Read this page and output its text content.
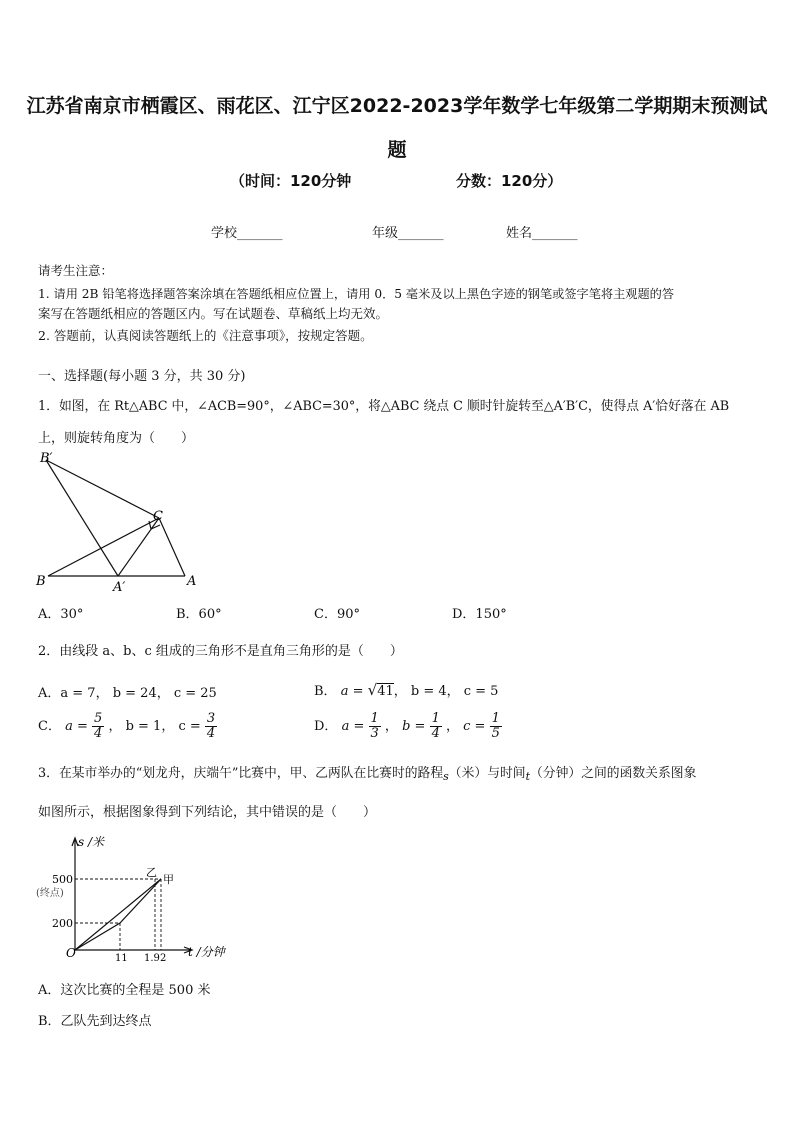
江苏省南京市栖霞区、雨花区、江宁区2022-2023学年数学七年级第二学期期末预测试
题
（时间：120分钟	分数：120分）
学校_______	年级_______	姓名_______
请考生注意：
1. 请用 2B 铅笔将选择题答案涂填在答题纸相应位置上，请用 0．5 毫米及以上黑色字迹的钢笔或签字笔将主观题的答
案写在答题纸相应的答题区内。写在试题卷、草稿纸上均无效。
2. 答题前，认真阅读答题纸上的《注意事项》，按规定答题。
一、选择题(每小题 3 分，共 30 分)
1．如图，在 Rt△ABC 中，∠ACB=90°，∠ABC=30°，将△ABC 绕点 C 顺时针旋转至△A′B′C，使得点 A′恰好落在 AB
上，则旋转角度为（　　）
B′
C
B	A′	A
A．30°	B．60°	C．90°	D．150°
2．由线段 a、b、c 组成的三角形不是直角三角形的是（　　）
A．a = 7， b = 24， c = 25	B． a = √41， b = 4， c = 5
C． $a = \frac{5}{4}$ ， b = 1， $c = \frac{3}{4}$	D． $a = \frac{1}{3}$ ， $b = \frac{1}{4}$ ， $c = \frac{1}{5}$
3．在某市举办的“划龙舟，庆端午”比赛中，甲、乙两队在比赛时的路程s（米）与时间t（分钟）之间的函数关系图象
如图所示，根据图象得到下列结论，其中错误的是（　　）
s /米
500
(终点)
200
O	11 1.9 2 t /分钟
乙
甲
A．这次比赛的全程是 500 米
B．乙队先到达终点
